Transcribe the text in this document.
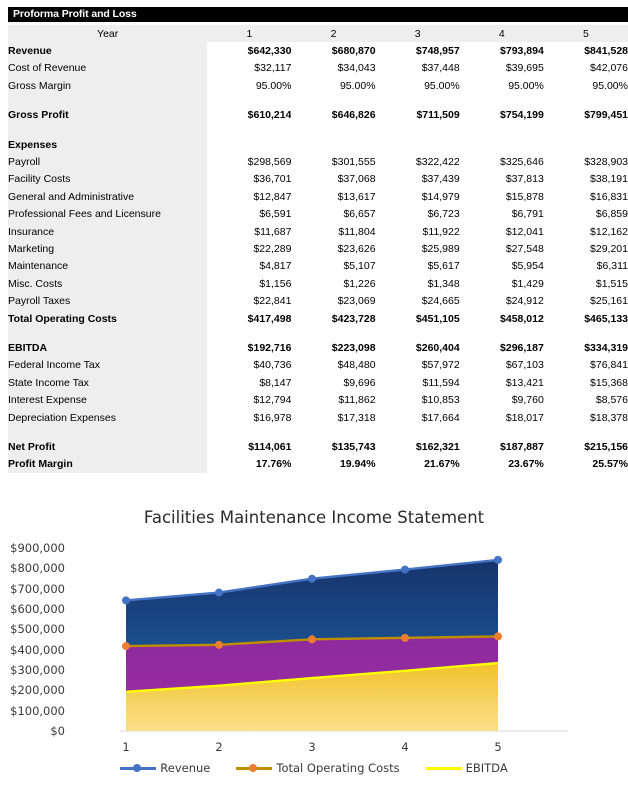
Proforma Profit and Loss
Year	1	2	3	4	5
Revenue	$642,330	$680,870	$748,957	$793,894	$841,528
Cost of Revenue	$32,117	$34,043	$37,448	$39,695	$42,076
Gross Margin	95.00%	95.00%	95.00%	95.00%	95.00%

Gross Profit	$610,214	$646,826	$711,509	$754,199	$799,451

Expenses					
Payroll	$298,569	$301,555	$322,422	$325,646	$328,903
Facility Costs	$36,701	$37,068	$37,439	$37,813	$38,191
General and Administrative	$12,847	$13,617	$14,979	$15,878	$16,831
Professional Fees and Licensure	$6,591	$6,657	$6,723	$6,791	$6,859
Insurance	$11,687	$11,804	$11,922	$12,041	$12,162
Marketing	$22,289	$23,626	$25,989	$27,548	$29,201
Maintenance	$4,817	$5,107	$5,617	$5,954	$6,311
Misc. Costs	$1,156	$1,226	$1,348	$1,429	$1,515
Payroll Taxes	$22,841	$23,069	$24,665	$24,912	$25,161
Total Operating Costs	$417,498	$423,728	$451,105	$458,012	$465,133

EBITDA	$192,716	$223,098	$260,404	$296,187	$334,319
Federal Income Tax	$40,736	$48,480	$57,972	$67,103	$76,841
State Income Tax	$8,147	$9,696	$11,594	$13,421	$15,368
Interest Expense	$12,794	$11,862	$10,853	$9,760	$8,576
Depreciation Expenses	$16,978	$17,318	$17,664	$18,017	$18,378

Net Profit	$114,061	$135,743	$162,321	$187,887	$215,156
Profit Margin	17.76%	19.94%	21.67%	23.67%	25.57%
Facilities Maintenance Income Statement
$0
$100,000
$200,000
$300,000
$400,000
$500,000
$600,000
$700,000
$800,000
$900,000
1	2	3	4	5
Revenue	Total Operating Costs	EBITDA
